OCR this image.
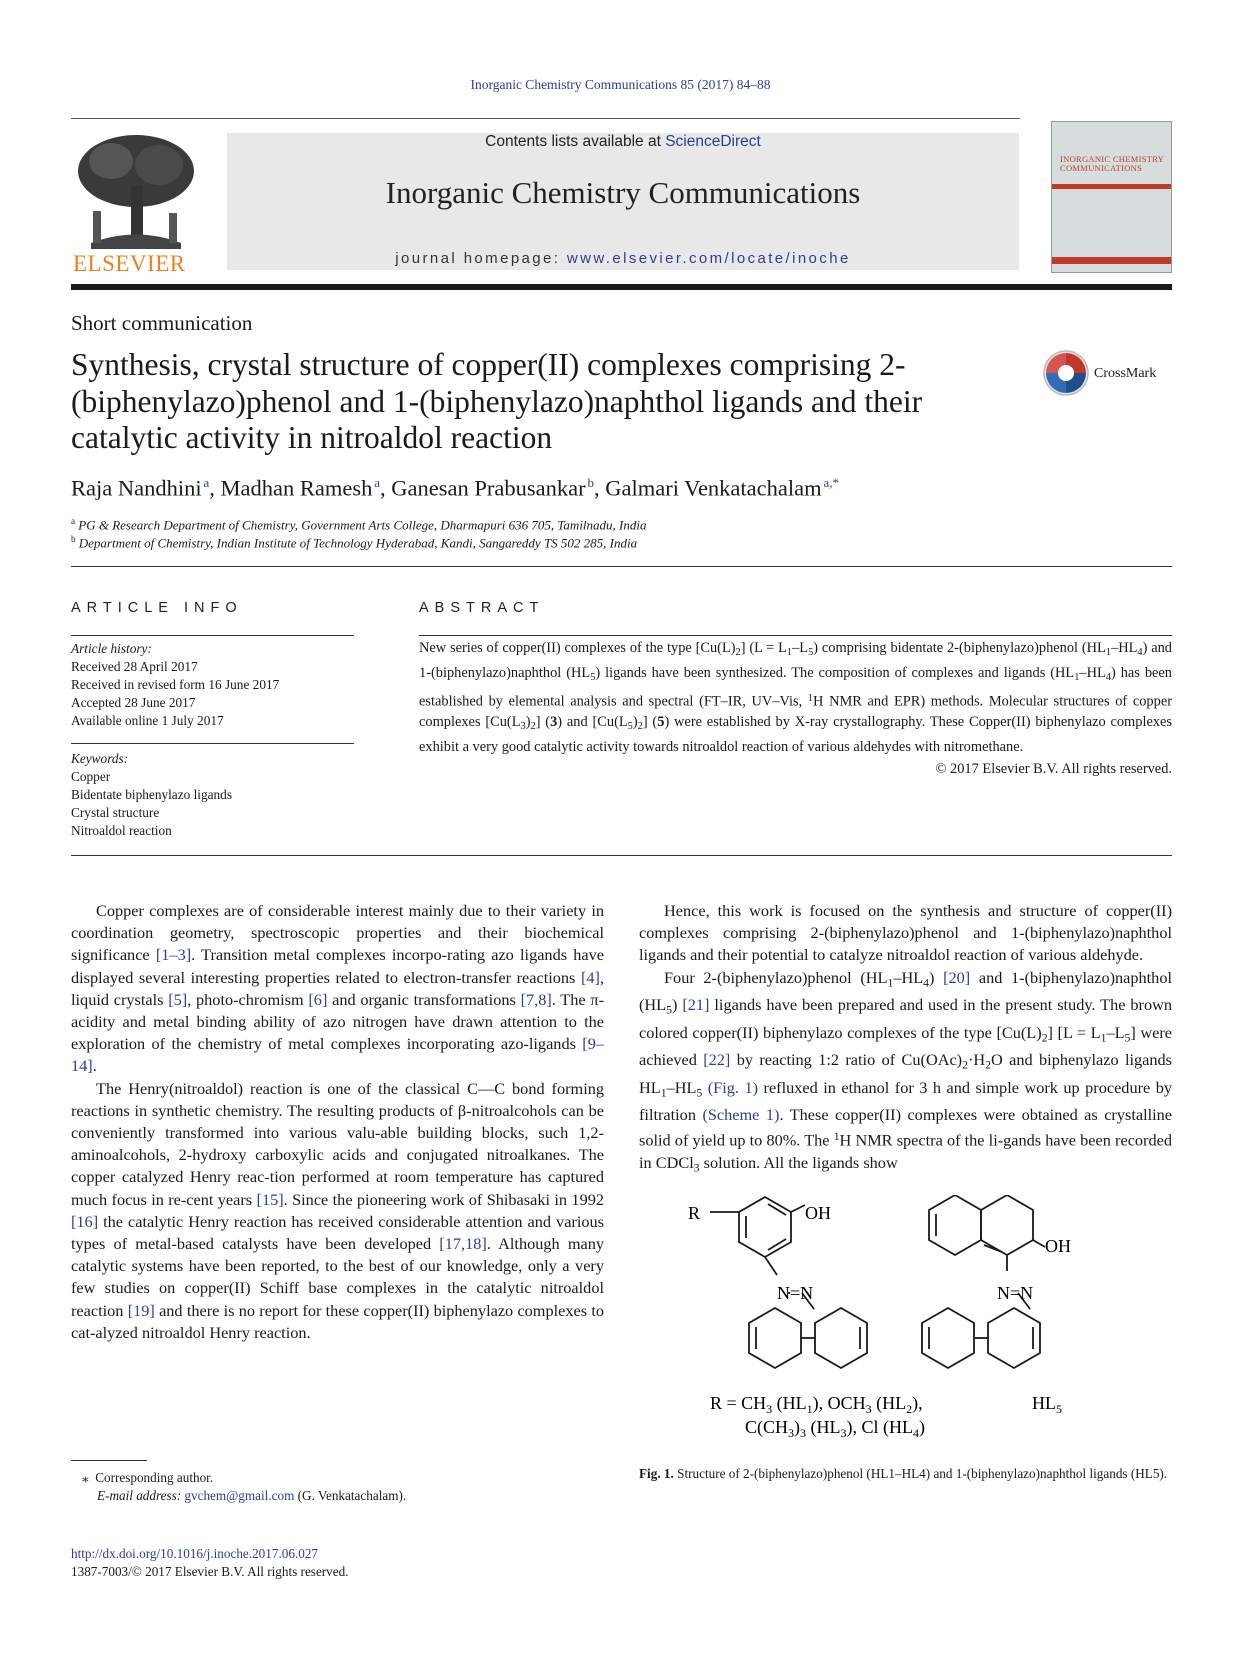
Inorganic Chemistry Communications 85 (2017) 84–88
ELSEVIER
Contents lists available at ScienceDirect
Inorganic Chemistry Communications
journal homepage: www.elsevier.com/locate/inoche
INORGANIC CHEMISTRY COMMUNICATIONS
Short communication
Synthesis, crystal structure of copper(II) complexes comprising 2-(biphenylazo)phenol and 1-(biphenylazo)naphthol ligands and their catalytic activity in nitroaldol reaction
CrossMark
Raja Nandhini  $^a$, Madhan Ramesh  $^a$, Ganesan Prabusankar  $^b$, Galmari Venkatachalam  $^{a,*}$
$^a$ PG & Research Department of Chemistry, Government Arts College, Dharmapuri 636 705, Tamilnadu, India
$^b$ Department of Chemistry, Indian Institute of Technology Hyderabad, Kandi, Sangareddy TS 502 285, India
ARTICLE INFO
Article history:
Received 28 April 2017
Received in revised form 16 June 2017
Accepted 28 June 2017
Available online 1 July 2017
Keywords:
Copper
Bidentate biphenylazo ligands
Crystal structure
Nitroaldol reaction
ABSTRACT
New series of copper(II) complexes of the type $[Cu(L)_2] (L = L_1-L_5)$ comprising bidentate 2-(biphenylazo)phenol $(HL_1-HL_4)$ and 1-(biphenylazo)naphthol $(HL_5)$ ligands have been synthesized. The composition of complexes and ligands $(HL_1-HL_4)$ has been established by elemental analysis and spectral (FT–IR, UV–Vis, $^1$H NMR and EPR) methods. Molecular structures of copper complexes $[Cu(L_3)_2]$ (3) and $[Cu(L_5)_2]$ (5) were established by X-ray crystallography. These Copper(II) biphenylazo complexes exhibit a very good catalytic activity towards nitroaldol reaction of various aldehydes with nitromethane.
© 2017 Elsevier B.V. All rights reserved.

Copper complexes are of considerable interest mainly due to their variety in coordination geometry, spectroscopic properties and their biochemical significance [1–3]. Transition metal complexes incorpo-rating azo ligands have displayed several interesting properties related to electron-transfer reactions [4], liquid crystals [5], photo-chromism [6] and organic transformations [7,8]. The π-acidity and metal binding ability of azo nitrogen have drawn attention to the exploration of the chemistry of metal complexes incorporating azo-ligands [9–14].

The Henry(nitroaldol) reaction is one of the classical C—C bond forming reactions in synthetic chemistry. The resulting products of β-nitroalcohols can be conveniently transformed into various valu-able building blocks, such 1,2-aminoalcohols, 2-hydroxy carboxylic acids and conjugated nitroalkanes. The copper catalyzed Henry reac-tion performed at room temperature has captured much focus in re-cent years [15]. Since the pioneering work of Shibasaki in 1992 [16] the catalytic Henry reaction has received considerable attention and various types of metal-based catalysts have been developed [17,18]. Although many catalytic systems have been reported, to the best of our knowledge, only a very few studies on copper(II) Schiff base complexes in the catalytic nitroaldol reaction [19] and there is no report for these copper(II) biphenylazo complexes to cat-alyzed nitroaldol Henry reaction.

Hence, this work is focused on the synthesis and structure of copper(II) complexes comprising 2-(biphenylazo)phenol and 1-(biphenylazo)naphthol ligands and their potential to catalyze nitroaldol reaction of various aldehyde.

Four 2-(biphenylazo)phenol $(HL_1-HL_4)$ [20] and 1-(biphenylazo)naphthol $(HL_5)$ [21] ligands have been prepared and used in the present study. The brown colored copper(II) biphenylazo complexes of the type $[Cu(L)_2] [L = L_1-L_5]$ were achieved [22] by reacting 1:2 ratio of $Cu(OAc)_2\cdot H_2O$ and biphenylazo ligands $HL_1-HL_5$ (Fig. 1) refluxed in ethanol for 3 h and simple work up procedure by filtration (Scheme 1). These copper(II) complexes were obtained as crystalline solid of yield up to 80%. The $^1$H NMR spectra of the li-gands have been recorded in CDCl$_3$ solution. All the ligands show

R	OH
N=N
OH
N=N
$R = CH_3$ $(HL_1)$, $OCH_3$ $(HL_2)$,
$C(CH_3)_3$ $(HL_3)$, Cl $(HL_4)$
$HL_5$
Fig. 1. Structure of 2-(biphenylazo)phenol (HL1–HL4) and 1-(biphenylazo)naphthol ligands (HL5).
⁎ Corresponding author.
E-mail address: gvchem@gmail.com (G. Venkatachalam).
http://dx.doi.org/10.1016/j.inoche.2017.06.027
1387-7003/© 2017 Elsevier B.V. All rights reserved.
